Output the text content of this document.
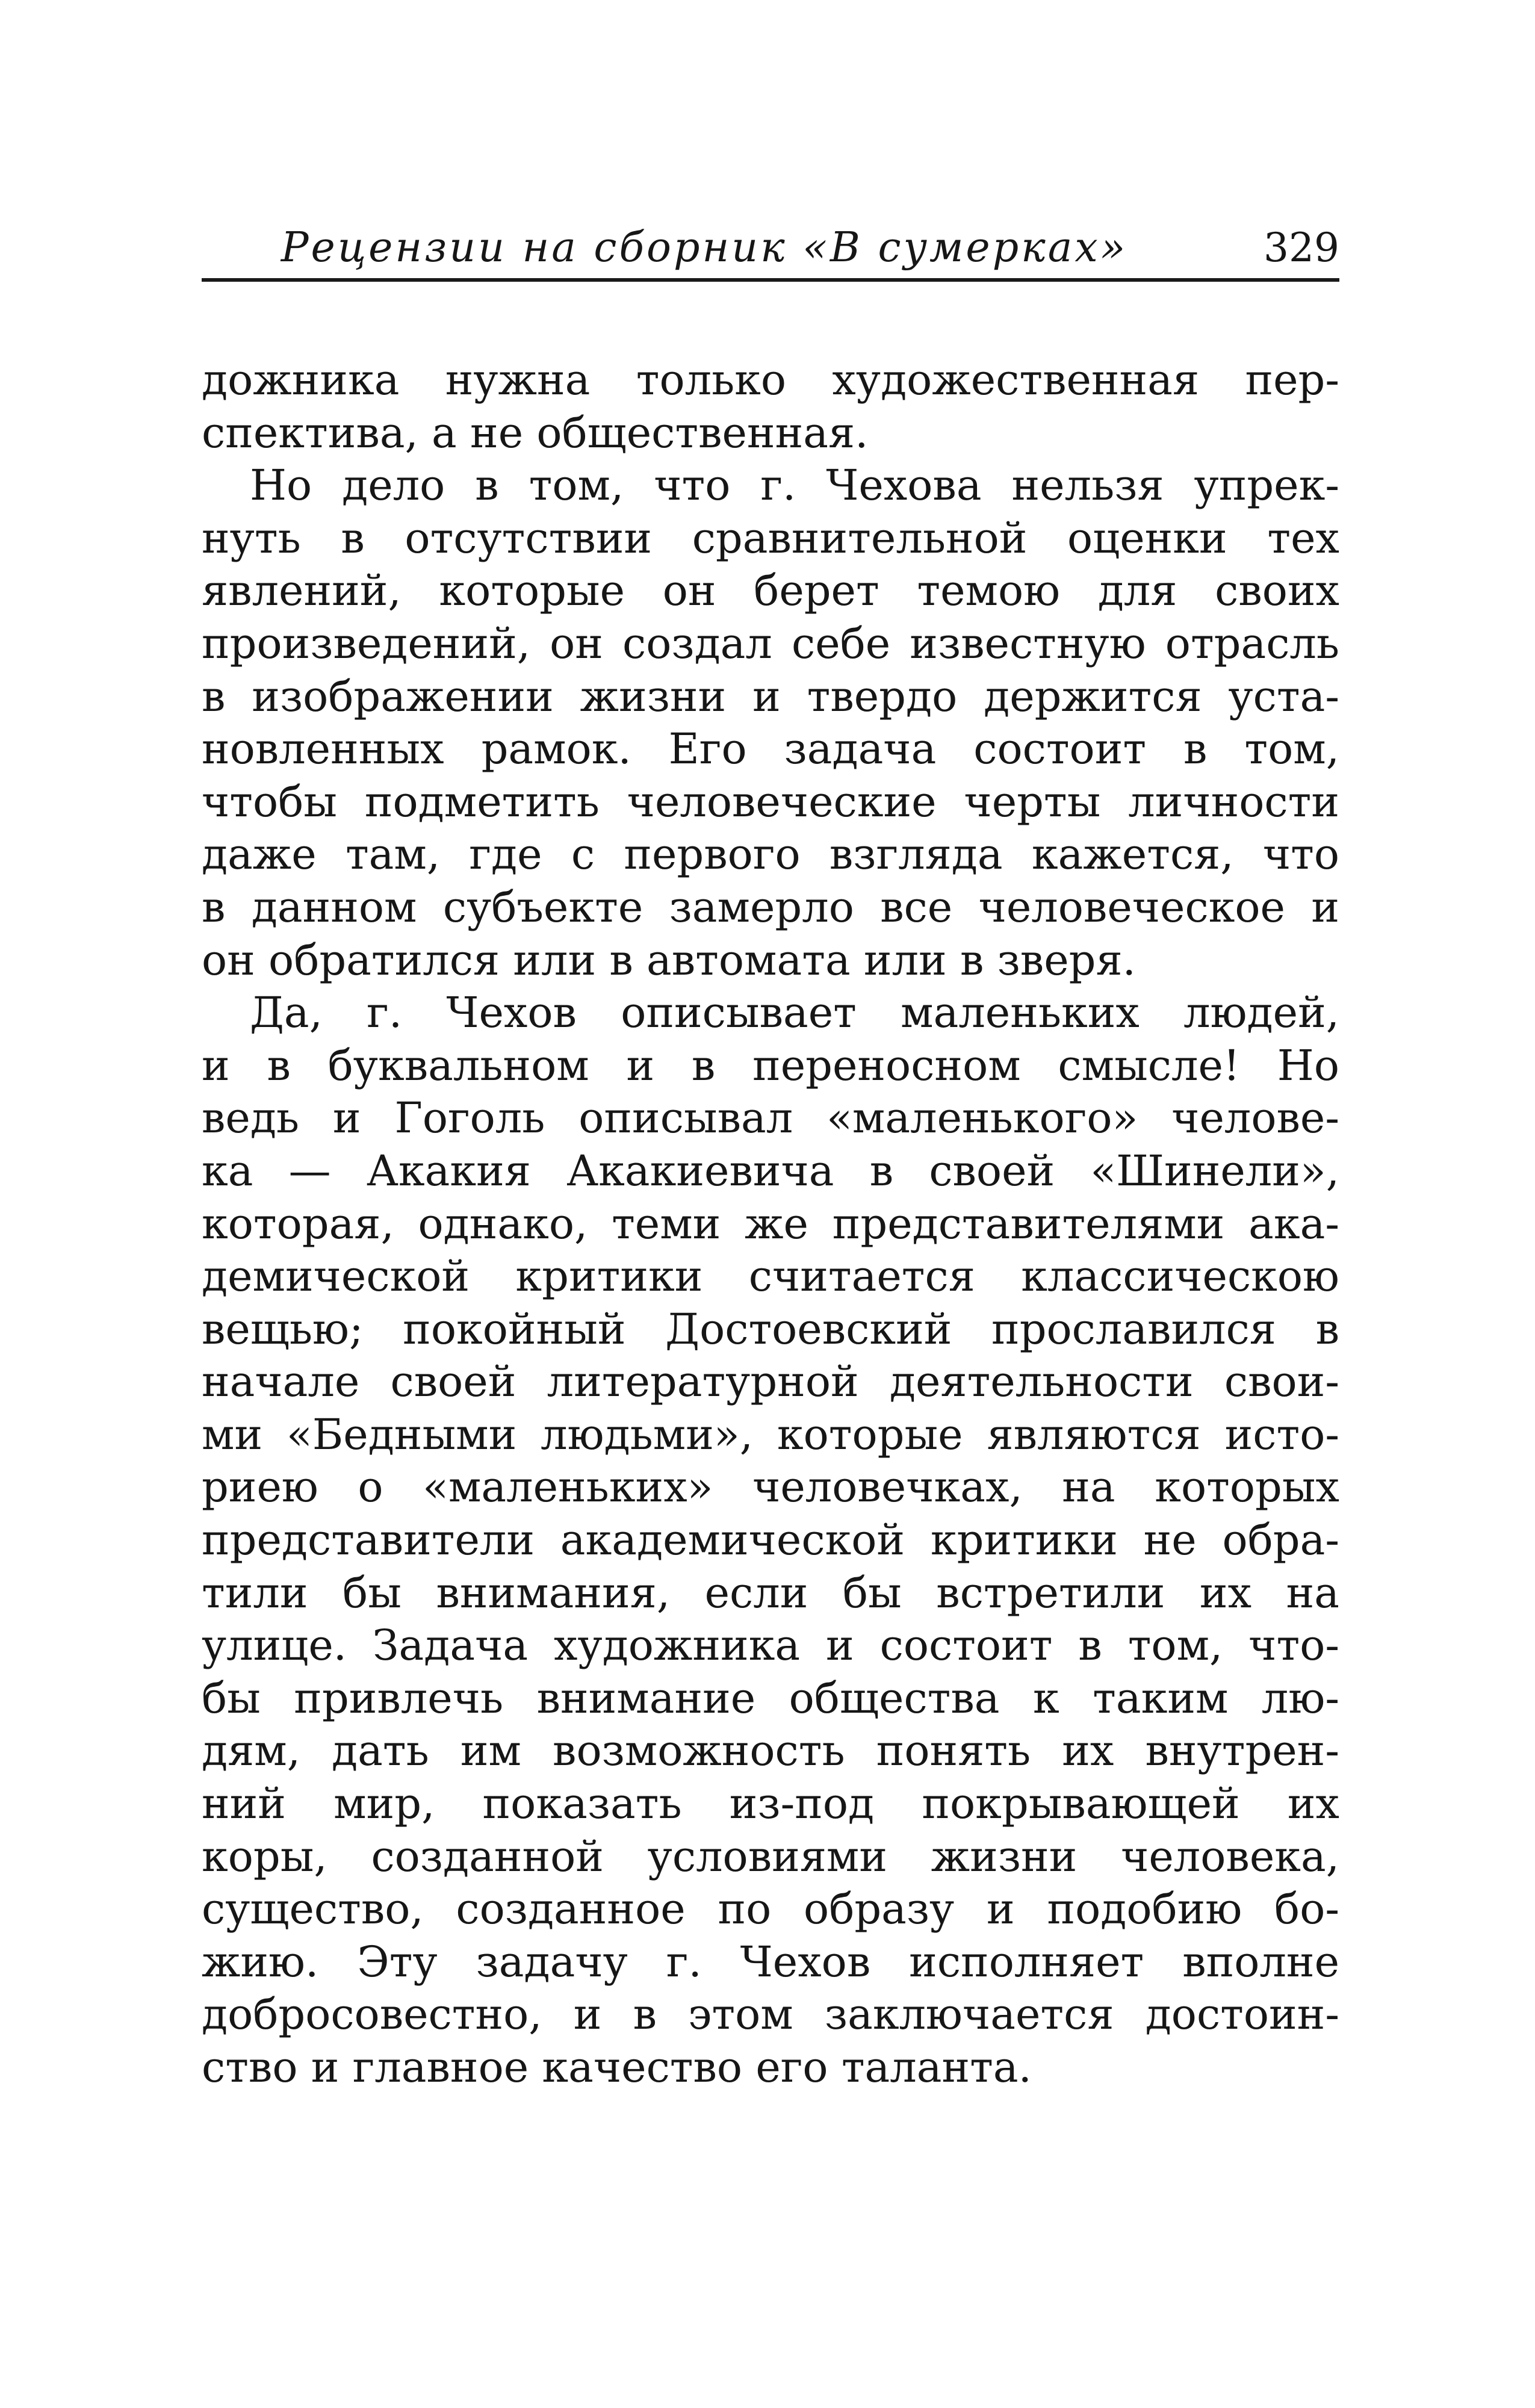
Рецензии на сборник «В сумерках»	329
дожника нужна только художественная пер-
спектива, а не общественная.
Но дело в том, что г. Чехова нельзя упрек-
нуть в отсутствии сравнительной оценки тех
явлений, которые он берет темою для своих
произведений, он создал себе известную отрасль
в изображении жизни и твердо держится уста-
новленных рамок. Его задача состоит в том,
чтобы подметить человеческие черты личности
даже там, где с первого взгляда кажется, что
в данном субъекте замерло все человеческое и
он обратился или в автомата или в зверя.
Да, г. Чехов описывает маленьких людей,
и в буквальном и в переносном смысле! Но
ведь и Гоголь описывал «маленького» челове-
ка — Акакия Акакиевича в своей «Шинели»,
которая, однако, теми же представителями ака-
демической критики считается классическою
вещью; покойный Достоевский прославился в
начале своей литературной деятельности свои-
ми «Бедными людьми», которые являются исто-
риею о «маленьких» человечках, на которых
представители академической критики не обра-
тили бы внимания, если бы встретили их на
улице. Задача художника и состоит в том, что-
бы привлечь внимание общества к таким лю-
дям, дать им возможность понять их внутрен-
ний мир, показать из-под покрывающей их
коры, созданной условиями жизни человека,
существо, созданное по образу и подобию бо-
жию. Эту задачу г. Чехов исполняет вполне
добросовестно, и в этом заключается достоин-
ство и главное качество его таланта.
